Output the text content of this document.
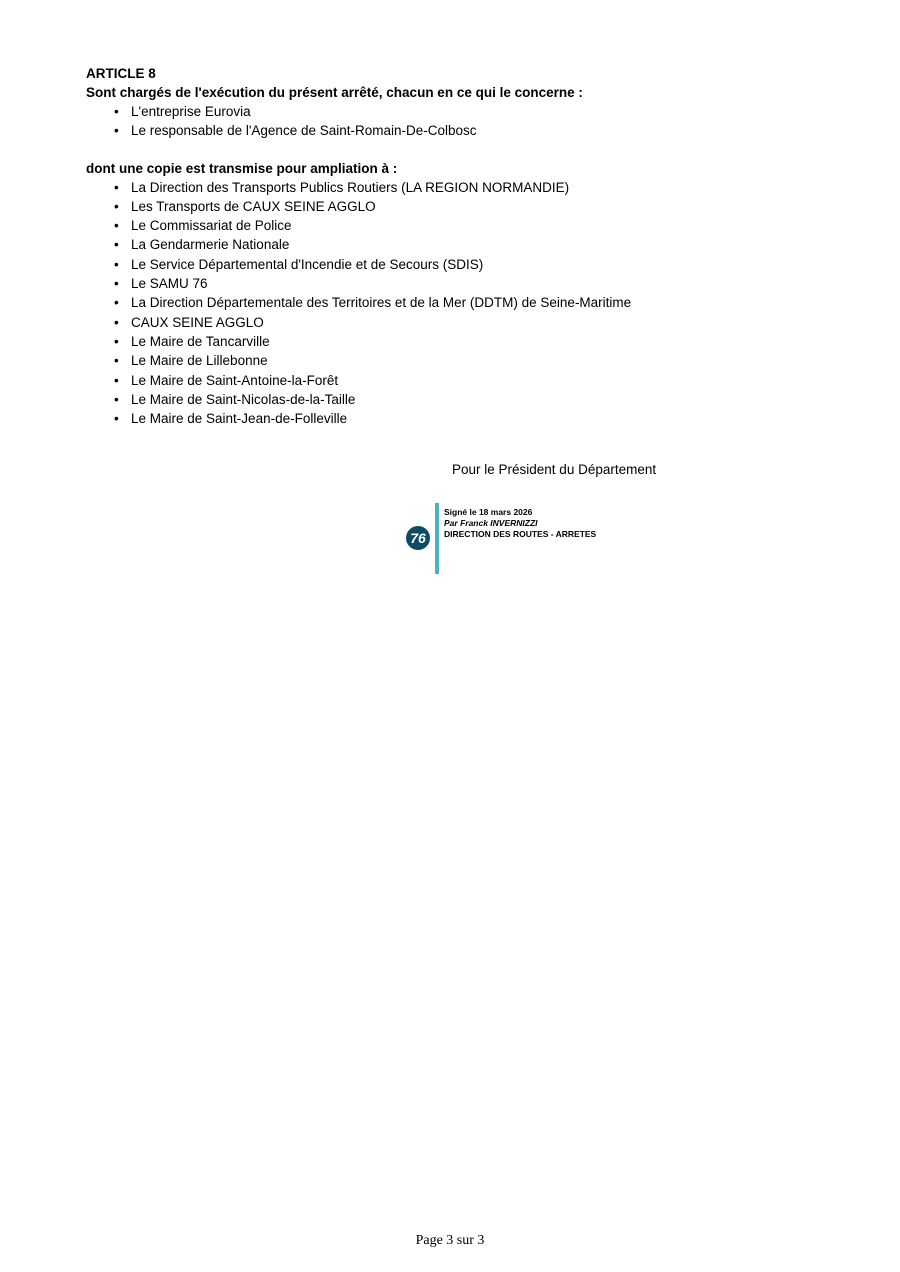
ARTICLE 8

Sont chargés de l'exécution du présent arrêté, chacun en ce qui le concerne :

• L'entreprise Eurovia
• Le responsable de l'Agence de Saint-Romain-De-Colbosc

dont une copie est transmise pour ampliation à :

• La Direction des Transports Publics Routiers (LA REGION NORMANDIE)
• Les Transports de CAUX SEINE AGGLO
• Le Commissariat de Police
• La Gendarmerie Nationale
• Le Service Départemental d'Incendie et de Secours (SDIS)
• Le SAMU 76
• La Direction Départementale des Territoires et de la Mer (DDTM) de Seine-Maritime
• CAUX SEINE AGGLO
• Le Maire de Tancarville
• Le Maire de Lillebonne
• Le Maire de Saint-Antoine-la-Forêt
• Le Maire de Saint-Nicolas-de-la-Taille
• Le Maire de Saint-Jean-de-Folleville

Pour le Président du Département

76
Signé le 18 mars 2026
Par Franck INVERNIZZI
DIRECTION DES ROUTES - ARRETES
Page 3 sur 3
